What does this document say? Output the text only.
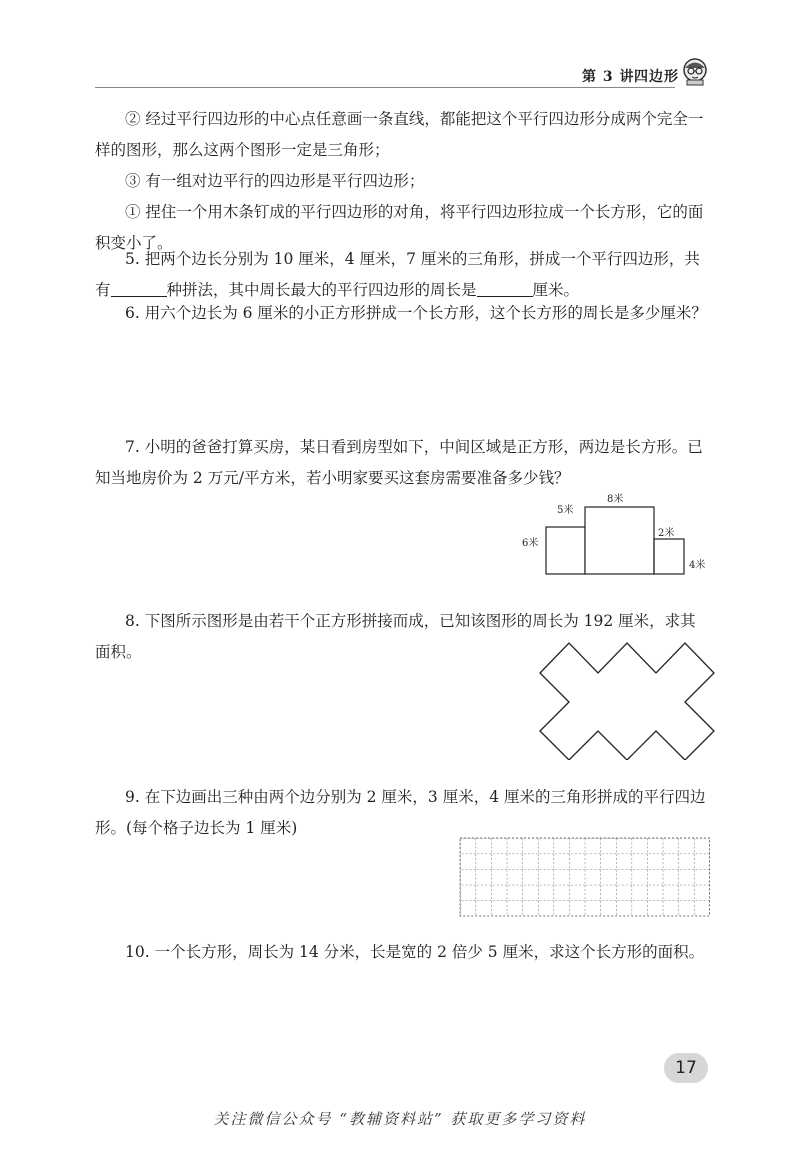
第 3 讲 四边形

② 经过平行四边形的中心点任意画一条直线，都能把这个平行四边形分成两个完全一样的图形，那么这两个图形一定是三角形；

③ 有一组对边平行的四边形是平行四边形；

① 捏住一个用木条钉成的平行四边形的对角，将平行四边形拉成一个长方形，它的面积变小了。

5. 把两个边长分别为 10 厘米，4 厘米，7 厘米的三角形，拼成一个平行四边形，共有	种拼法，其中周长最大的平行四边形的周长是	厘米。

6. 用六个边长为 6 厘米的小正方形拼成一个长方形，这个长方形的周长是多少厘米？

7. 小明的爸爸打算买房，某日看到房型如下，中间区域是正方形，两边是长方形。已知当地房价为 2 万元/平方米，若小明家要买这套房需要准备多少钱？

8米
5米
6米
2米
4米

8. 下图所示图形是由若干个正方形拼接而成，已知该图形的周长为 192 厘米，求其面积。

9. 在下边画出三种由两个边分别为 2 厘米，3 厘米，4 厘米的三角形拼成的平行四边形。(每个格子边长为 1 厘米)

10. 一个长方形，周长为 14 分米，长是宽的 2 倍少 5 厘米，求这个长方形的面积。

17
关注微信公众号 “教辅资料站” 获取更多学习资料
